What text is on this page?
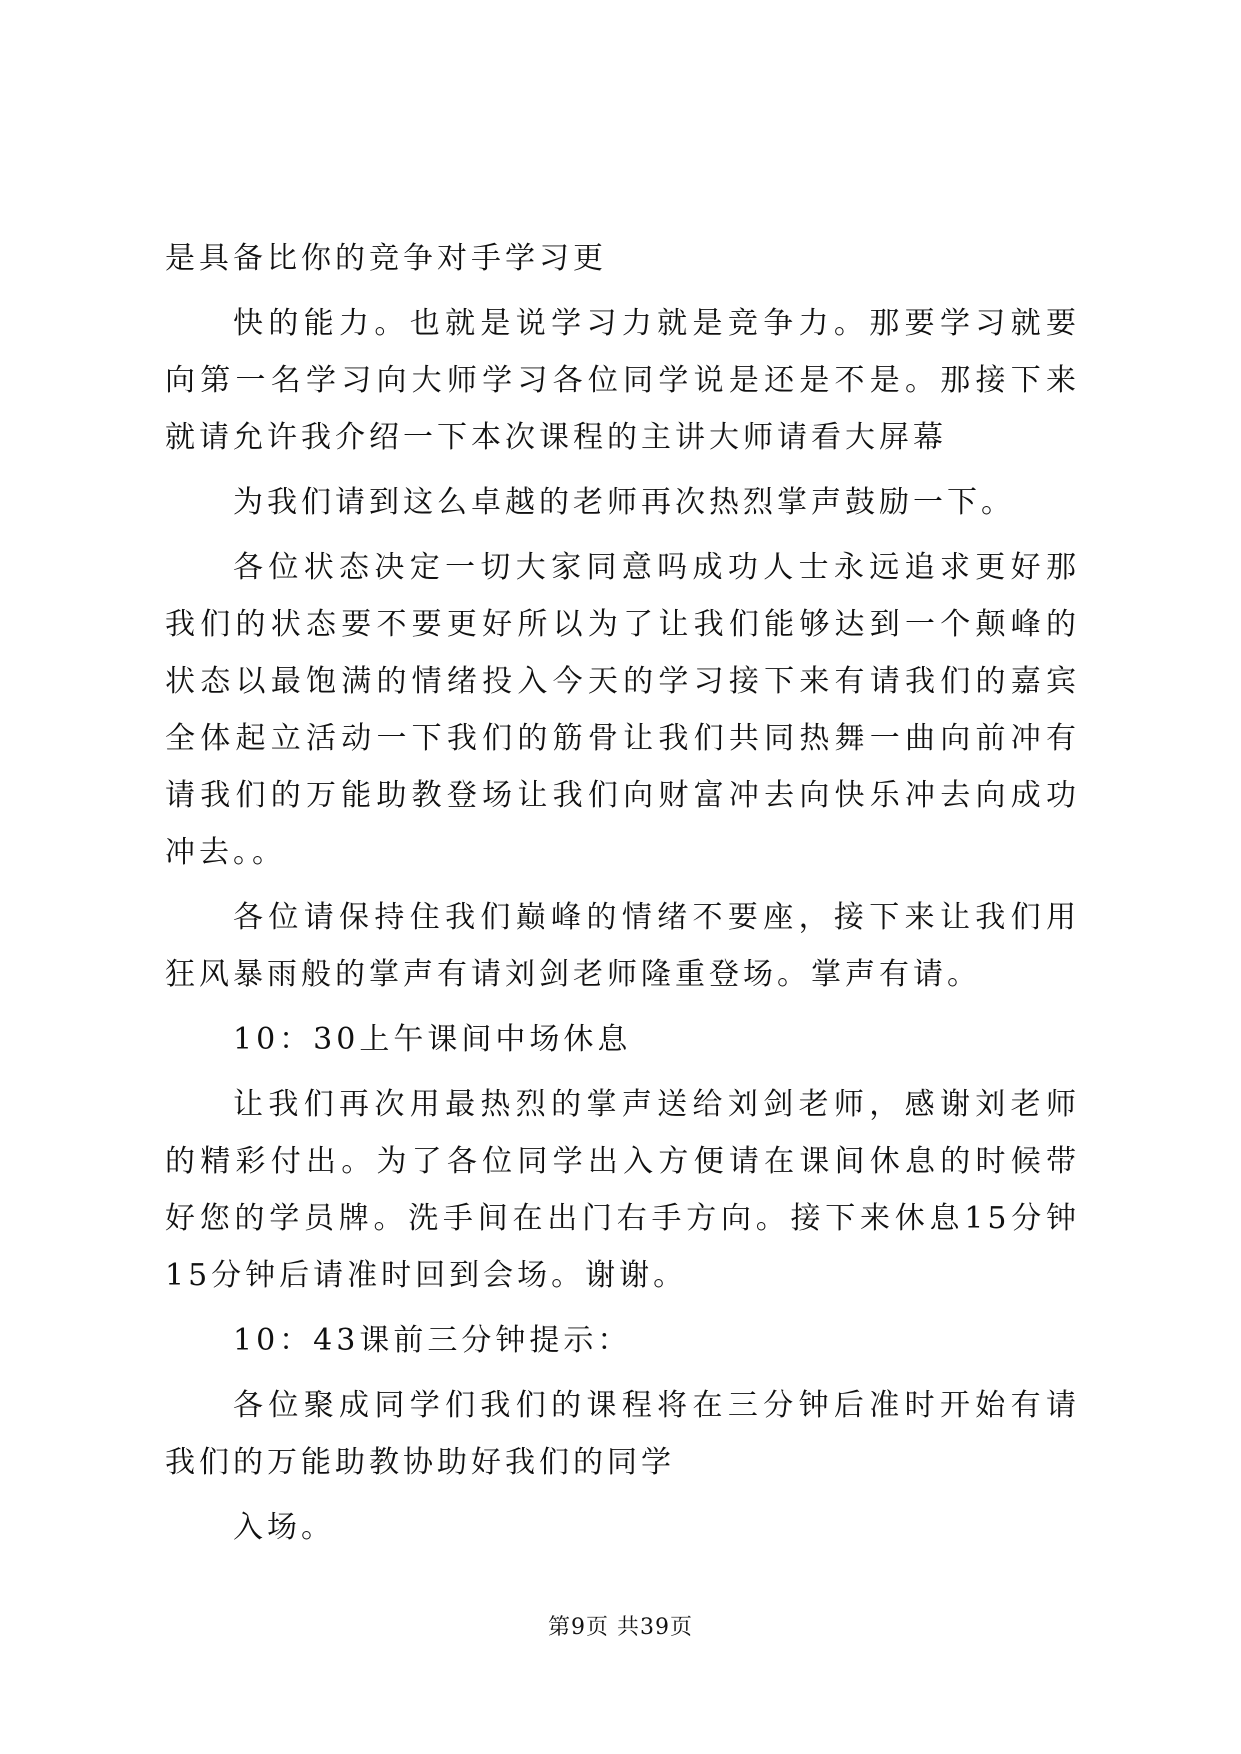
是具备比你的竞争对手学习更

快的能力。也就是说学习力就是竞争力。那要学习就要向第一名学习向大师学习各位同学说是还是不是。那接下来就请允许我介绍一下本次课程的主讲大师请看大屏幕

为我们请到这么卓越的老师再次热烈掌声鼓励一下。

各位状态决定一切大家同意吗成功人士永远追求更好那我们的状态要不要更好所以为了让我们能够达到一个颠峰的状态以最饱满的情绪投入今天的学习接下来有请我们的嘉宾全体起立活动一下我们的筋骨让我们共同热舞一曲向前冲有请我们的万能助教登场让我们向财富冲去向快乐冲去向成功冲去。。

各位请保持住我们巅峰的情绪不要座，接下来让我们用狂风暴雨般的掌声有请刘剑老师隆重登场。掌声有请。

10：30上午课间中场休息

让我们再次用最热烈的掌声送给刘剑老师，感谢刘老师的精彩付出。为了各位同学出入方便请在课间休息的时候带好您的学员牌。洗手间在出门右手方向。接下来休息15分钟15分钟后请准时回到会场。谢谢。

10：43课前三分钟提示：

各位聚成同学们我们的课程将在三分钟后准时开始有请我们的万能助教协助好我们的同学

入场。

第9页 共39页
